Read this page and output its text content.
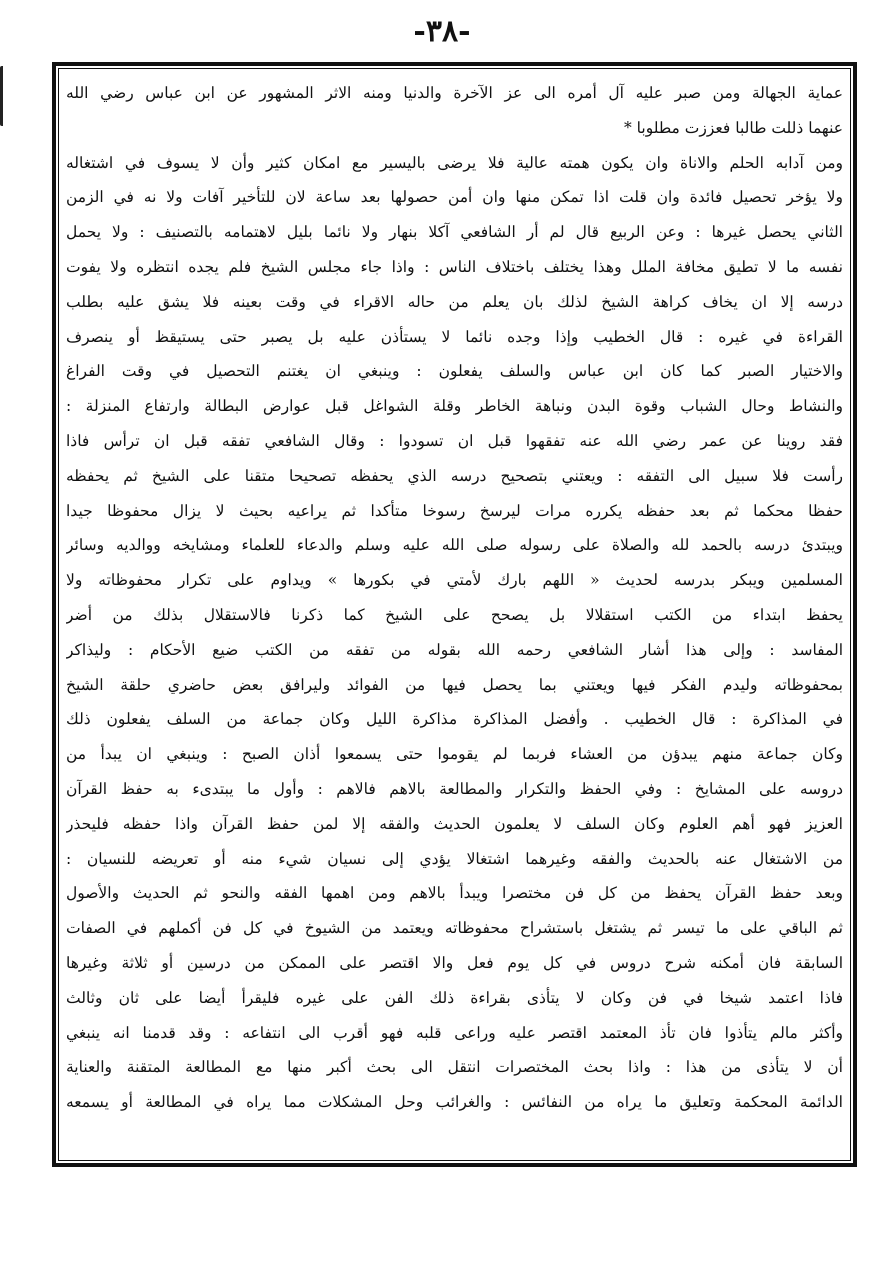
-٣٨-
عماية الجهالة ومن صبر عليه آل أمره الى عز الآخرة والدنيا ومنه الاثر المشهور عن ابن عباس رضي الله
عنهما ذللت طالبا فعززت مطلوبا *
ومن آدابه الحلم والاناة وان يكون همته عالية فلا يرضى باليسير مع امكان كثير وأن لا يسوف في اشتغاله
ولا يؤخر تحصيل فائدة وان قلت اذا تمكن منها وان أمن حصولها بعد ساعة لان للتأخير آفات ولا نه في الزمن
الثاني يحصل غيرها : وعن الربيع قال لم أر الشافعي آكلا بنهار ولا نائما بليل لاهتمامه بالتصنيف : ولا يحمل
نفسه ما لا تطيق مخافة الملل وهذا يختلف باختلاف الناس : واذا جاء مجلس الشيخ فلم يجده انتظره ولا يفوت
درسه إلا ان يخاف كراهة الشيخ لذلك بان يعلم من حاله الاقراء في وقت بعينه فلا يشق عليه بطلب
القراءة في غيره : قال الخطيب وإذا وجده نائما لا يستأذن عليه بل يصبر حتى يستيقظ أو ينصرف
والاختيار الصبر كما كان ابن عباس والسلف يفعلون : وينبغي ان يغتنم التحصيل في وقت الفراغ
والنشاط وحال الشباب وقوة البدن ونباهة الخاطر وقلة الشواغل قبل عوارض البطالة وارتفاع المنزلة :
فقد روينا عن عمر رضي الله عنه تفقهوا قبل ان تسودوا : وقال الشافعي تفقه قبل ان ترأس فاذا
رأست فلا سبيل الى التفقه : ويعتني بتصحيح درسه الذي يحفظه تصحيحا متقنا على الشيخ ثم يحفظه
حفظا محكما ثم بعد حفظه يكرره مرات ليرسخ رسوخا متأكدا ثم يراعيه بحيث لا يزال محفوظا جيدا
ويبتدئ درسه بالحمد لله والصلاة على رسوله صلى الله عليه وسلم والدعاء للعلماء ومشايخه ووالديه وسائر
المسلمين ويبكر بدرسه لحديث « اللهم بارك لأمتي في بكورها » ويداوم على تكرار محفوظاته ولا
يحفظ ابتداء من الكتب استقلالا بل يصحح على الشيخ كما ذكرنا فالاستقلال بذلك من أضر
المفاسد : وإلى هذا أشار الشافعي رحمه الله بقوله من تفقه من الكتب ضيع الأحكام : وليذاكر
بمحفوظاته وليدم الفكر فيها ويعتني بما يحصل فيها من الفوائد وليرافق بعض حاضري حلقة الشيخ
في المذاكرة : قال الخطيب . وأفضل المذاكرة مذاكرة الليل وكان جماعة من السلف يفعلون ذلك
وكان جماعة منهم يبدؤن من العشاء فربما لم يقوموا حتى يسمعوا أذان الصبح : وينبغي ان يبدأ من
دروسه على المشايخ : وفي الحفظ والتكرار والمطالعة بالاهم فالاهم : وأول ما يبتدىء به حفظ القرآن
العزيز فهو أهم العلوم وكان السلف لا يعلمون الحديث والفقه إلا لمن حفظ القرآن واذا حفظه فليحذر
من الاشتغال عنه بالحديث والفقه وغيرهما اشتغالا يؤدي إلى نسيان شيء منه أو تعريضه للنسيان :
وبعد حفظ القرآن يحفظ من كل فن مختصرا ويبدأ بالاهم ومن اهمها الفقه والنحو ثم الحديث والأصول
ثم الباقي على ما تيسر ثم يشتغل باستشراح محفوظاته ويعتمد من الشيوخ في كل فن أكملهم في الصفات
السابقة فان أمكنه شرح دروس في كل يوم فعل والا اقتصر على الممكن من درسين أو ثلاثة وغيرها
فاذا اعتمد شيخا في فن وكان لا يتأذى بقراءة ذلك الفن على غيره فليقرأ أيضا على ثان وثالث
وأكثر مالم يتأذوا فان تأذ المعتمد اقتصر عليه وراعى قلبه فهو أقرب الى انتفاعه : وقد قدمنا انه ينبغي
أن لا يتأذى من هذا : واذا بحث المختصرات انتقل الى بحث أكبر منها مع المطالعة المتقنة والعناية
الدائمة المحكمة وتعليق ما يراه من النفائس : والغرائب وحل المشكلات مما يراه في المطالعة أو يسمعه
